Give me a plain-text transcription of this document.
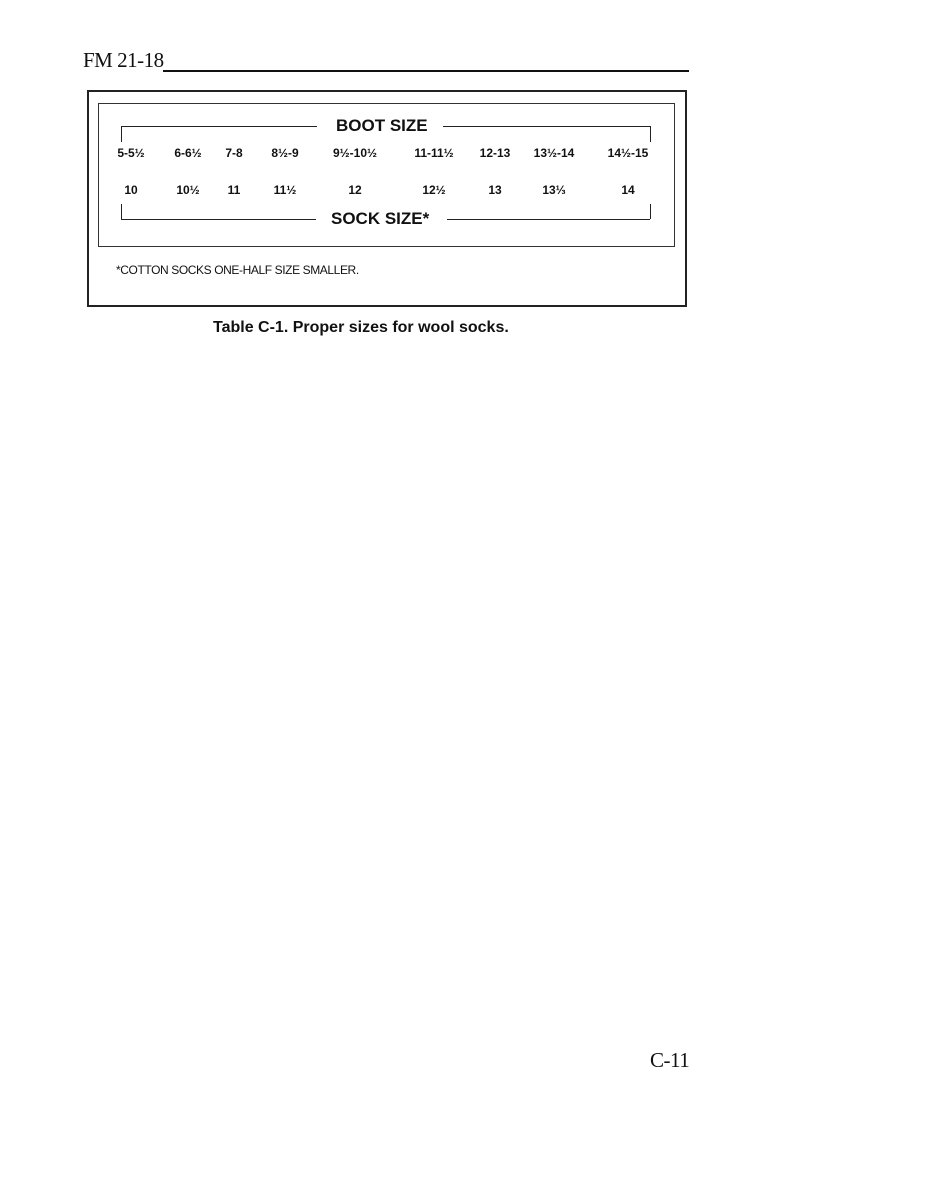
FM 21-18
BOOT SIZE
5-5½ 6-6½ 7-8 8½-9	9½-10½	11-11½ 12-13 13½-14	14½-15
10	10½ 11	11½	12	12½	13	13⅓	14
SOCK SIZE*
*COTTON SOCKS ONE-HALF SIZE SMALLER.
Table C-1. Proper sizes for wool socks.
C-11
